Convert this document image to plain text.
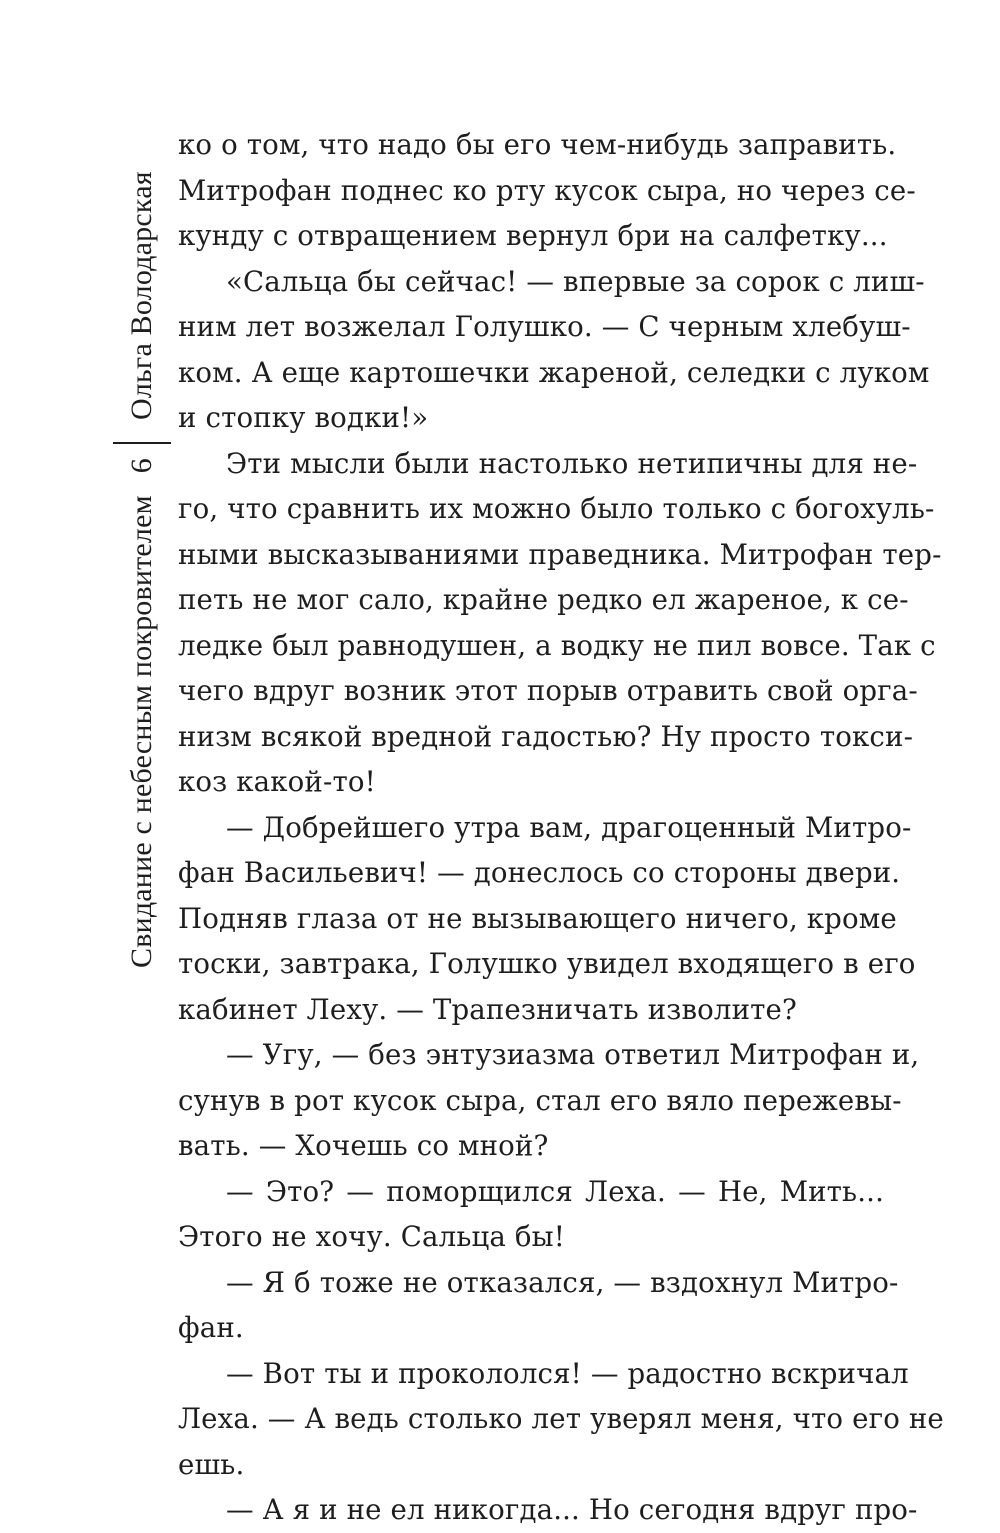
Свидание с небесным покровителем
6
Ольга Володарская
ко о том, что надо бы его чем-нибудь заправить.
Митрофан поднес ко рту кусок сыра, но через се-
кунду с отвращением вернул бри на салфетку...
«Сальца бы сейчас! — впервые за сорок с лиш-
ним лет возжелал Голушко. — С черным хлебуш-
ком. А еще картошечки жареной, селедки с луком
и стопку водки!»
Эти мысли были настолько нетипичны для не-
го, что сравнить их можно было только с богохуль-
ными высказываниями праведника. Митрофан тер-
петь не мог сало, крайне редко ел жареное, к се-
ледке был равнодушен, а водку не пил вовсе. Так с
чего вдруг возник этот порыв отравить свой орга-
низм всякой вредной гадостью? Ну просто токси-
коз какой-то!
— Добрейшего утра вам, драгоценный Митро-
фан Васильевич! — донеслось со стороны двери.
Подняв глаза от не вызывающего ничего, кроме
тоски, завтрака, Голушко увидел входящего в его
кабинет Леху. — Трапезничать изволите?
— Угу, — без энтузиазма ответил Митрофан и,
сунув в рот кусок сыра, стал его вяло пережевы-
вать. — Хочешь со мной?
— Это? — поморщился Леха. — Не, Мить...
Этого не хочу. Сальца бы!
— Я б тоже не отказался, — вздохнул Митро-
фан.
— Вот ты и прокололся! — радостно вскричал
Леха. — А ведь столько лет уверял меня, что его не
ешь.
— А я и не ел никогда... Но сегодня вдруг про-
